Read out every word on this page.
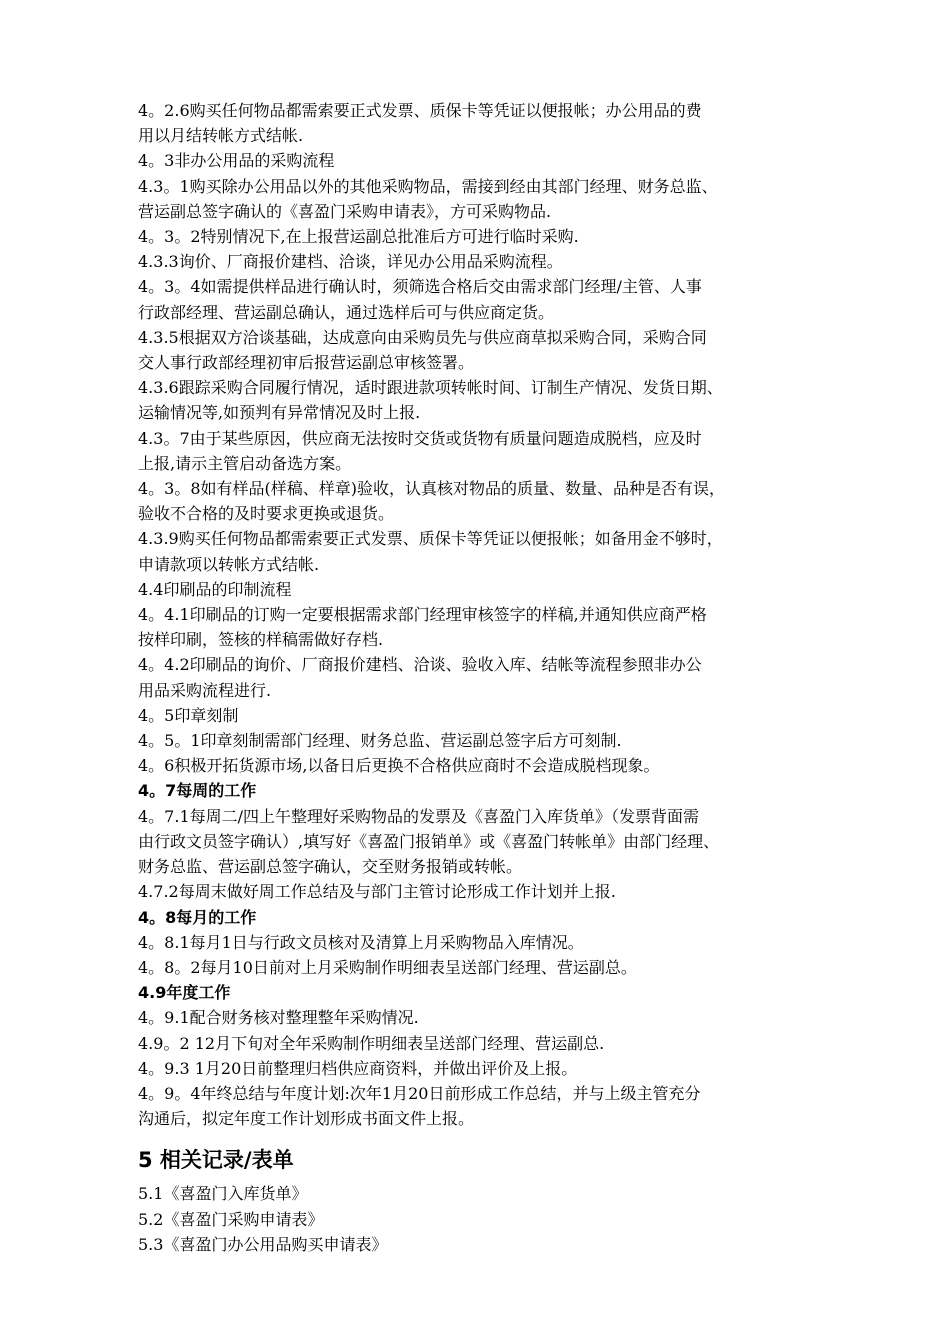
4。2.6购买任何物品都需索要正式发票、质保卡等凭证以便报帐；办公用品的费
用以月结转帐方式结帐.
4。3非办公用品的采购流程
4.3。1购买除办公用品以外的其他采购物品，需接到经由其部门经理、财务总监、
营运副总签字确认的《喜盈门采购申请表》，方可采购物品.
4。3。2特别情况下,在上报营运副总批准后方可进行临时采购.
4.3.3询价、厂商报价建档、洽谈，详见办公用品采购流程。
4。3。4如需提供样品进行确认时，须筛选合格后交由需求部门经理/主管、人事
行政部经理、营运副总确认，通过选样后可与供应商定货。
4.3.5根据双方洽谈基础，达成意向由采购员先与供应商草拟采购合同，采购合同
交人事行政部经理初审后报营运副总审核签署。
4.3.6跟踪采购合同履行情况，适时跟进款项转帐时间、订制生产情况、发货日期、
运输情况等,如预判有异常情况及时上报.
4.3。7由于某些原因，供应商无法按时交货或货物有质量问题造成脱档，应及时
上报,请示主管启动备选方案。
4。3。8如有样品(样稿、样章)验收，认真核对物品的质量、数量、品种是否有误，
验收不合格的及时要求更换或退货。
4.3.9购买任何物品都需索要正式发票、质保卡等凭证以便报帐；如备用金不够时，
申请款项以转帐方式结帐.
4.4印刷品的印制流程
4。4.1印刷品的订购一定要根据需求部门经理审核签字的样稿,并通知供应商严格
按样印刷，签核的样稿需做好存档.
4。4.2印刷品的询价、厂商报价建档、洽谈、验收入库、结帐等流程参照非办公
用品采购流程进行.
4。5印章刻制
4。5。1印章刻制需部门经理、财务总监、营运副总签字后方可刻制.
4。6积极开拓货源市场,以备日后更换不合格供应商时不会造成脱档现象。
4。7每周的工作
4。7.1每周二/四上午整理好采购物品的发票及《喜盈门入库货单》（发票背面需
由行政文员签字确认）,填写好《喜盈门报销单》或《喜盈门转帐单》由部门经理、
财务总监、营运副总签字确认，交至财务报销或转帐。
4.7.2每周末做好周工作总结及与部门主管讨论形成工作计划并上报.
4。8每月的工作
4。8.1每月1日与行政文员核对及清算上月采购物品入库情况。
4。8。2每月10日前对上月采购制作明细表呈送部门经理、营运副总。
4.9年度工作
4。9.1配合财务核对整理整年采购情况.
4.9。2 12月下旬对全年采购制作明细表呈送部门经理、营运副总.
4。9.3 1月20日前整理归档供应商资料，并做出评价及上报。
4。9。4年终总结与年度计划:次年1月20日前形成工作总结，并与上级主管充分
沟通后，拟定年度工作计划形成书面文件上报。
5 相关记录/表单
5.1《喜盈门入库货单》
5.2《喜盈门采购申请表》
5.3《喜盈门办公用品购买申请表》
